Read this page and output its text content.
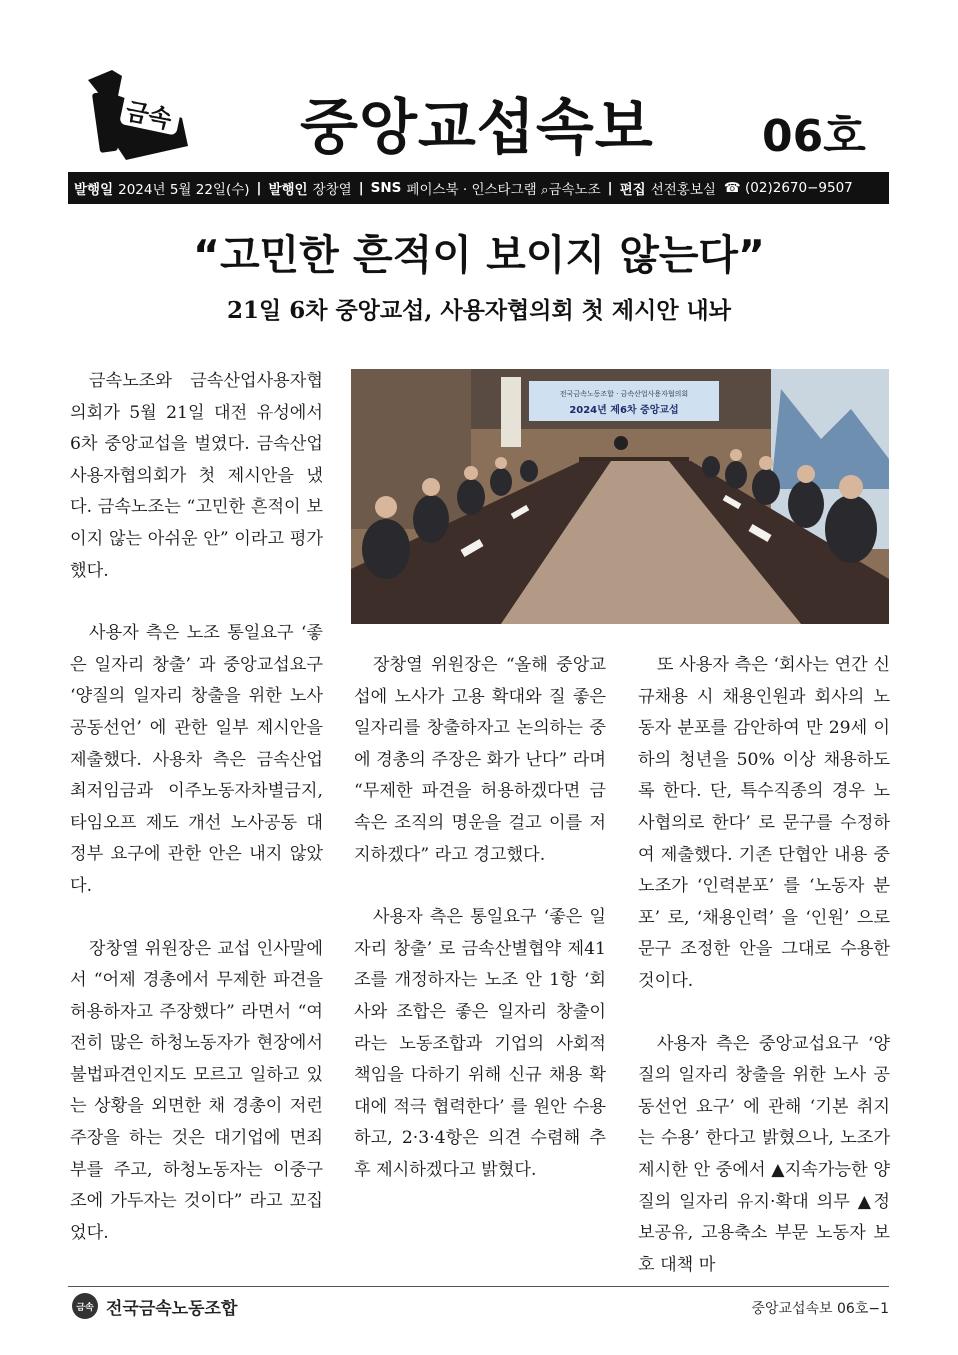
금속 중앙교섭속보 06호
발행일 2024년 5월 22일(수) | 발행인 장창열 | SNS 페이스북 · 인스타그램 ⌕금속노조 | 편집 선전홍보실 ☎ (02)2670−9507
“고민한 흔적이 보이지 않는다”
21일 6차 중앙교섭, 사용자협의회 첫 제시안 내놔

금속노조와 금속산업사용자협의회가 5월 21일 대전 유성에서 6차 중앙교섭을 벌였다. 금속산업사용자협의회가 첫 제시안을 냈다. 금속노조는 “고민한 흔적이 보이지 않는 아쉬운 안” 이라고 평가했다.

사용자 측은 노조 통일요구 ‘좋은 일자리 창출’ 과 중앙교섭요구 ‘양질의 일자리 창출을 위한 노사공동선언’ 에 관한 일부 제시안을 제출했다. 사용차 측은 금속산업최저임금과 이주노동자차별금지, 타임오프 제도 개선 노사공동 대정부 요구에 관한 안은 내지 않았다.

장창열 위원장은 교섭 인사말에서 “어제 경총에서 무제한 파견을 허용하자고 주장했다” 라면서 “여전히 많은 하청노동자가 현장에서 불법파견인지도 모르고 일하고 있는 상황을 외면한 채 경총이 저런 주장을 하는 것은 대기업에 면죄부를 주고, 하청노동자는 이중구조에 가두자는 것이다” 라고 꼬집었다.

전국금속노동조합 · 금속산업사용자협의회
2024년 제6차 중앙교섭

장창열 위원장은 “올해 중앙교섭에 노사가 고용 확대와 질 좋은 일자리를 창출하자고 논의하는 중에 경총의 주장은 화가 난다” 라며 “무제한 파견을 허용하겠다면 금속은 조직의 명운을 걸고 이를 저지하겠다” 라고 경고했다.

사용자 측은 통일요구 ‘좋은 일자리 창출’ 로 금속산별협약 제41조를 개정하자는 노조 안 1항 ‘회사와 조합은 좋은 일자리 창출이라는 노동조합과 기업의 사회적 책임을 다하기 위해 신규 채용 확대에 적극 협력한다’ 를 원안 수용하고, 2·3·4항은 의견 수렴해 추후 제시하겠다고 밝혔다.

또 사용자 측은 ‘회사는 연간 신규채용 시 채용인원과 회사의 노동자 분포를 감안하여 만 29세 이하의 청년을 50% 이상 채용하도록 한다. 단, 특수직종의 경우 노사협의로 한다’ 로 문구를 수정하여 제출했다. 기존 단협안 내용 중 노조가 ‘인력분포’ 를 ‘노동자 분포’ 로, ‘채용인력’ 을 ‘인원’ 으로 문구 조정한 안을 그대로 수용한 것이다.

사용자 측은 중앙교섭요구 ‘양질의 일자리 창출을 위한 노사 공동선언 요구’ 에 관해 ‘기본 취지는 수용’ 한다고 밝혔으나, 노조가 제시한 안 중에서 ▲지속가능한 양질의 일자리 유지·확대 의무 ▲정보공유, 고용축소 부문 노동자 보호 대책 마

금속 전국금속노동조합	중앙교섭속보 06호−1
